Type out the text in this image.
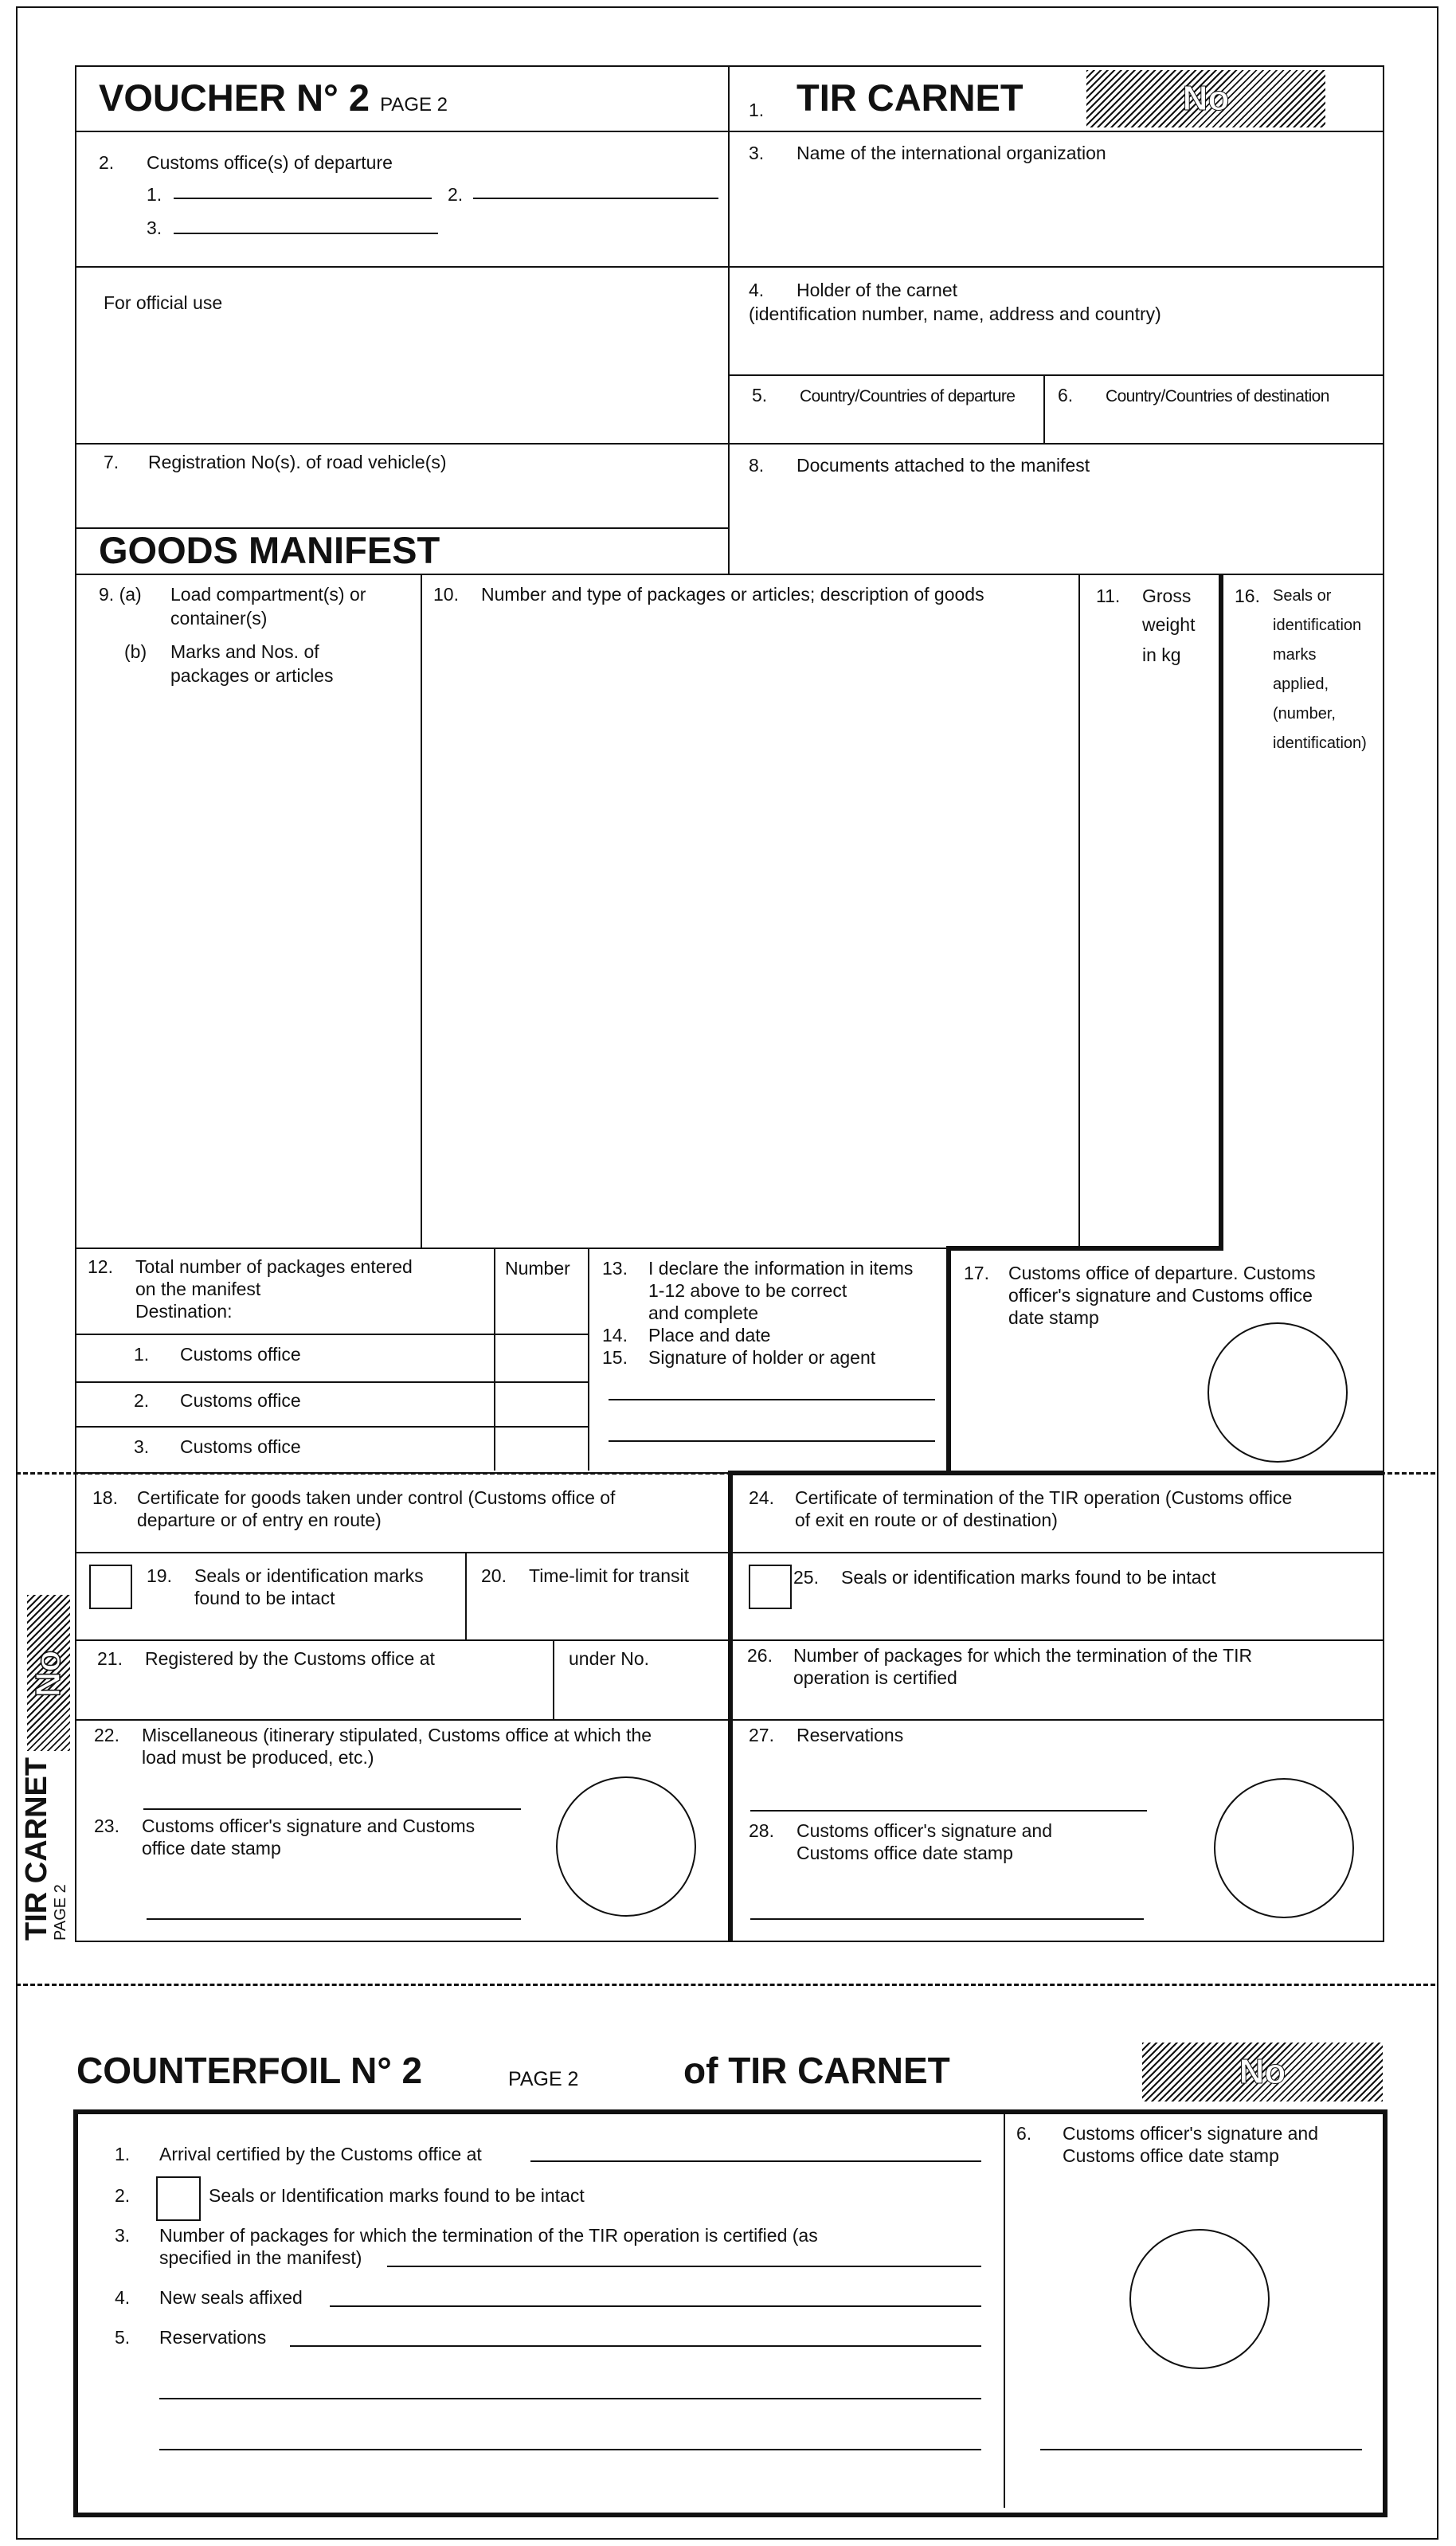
VOUCHER N° 2 PAGE 2	1. TIR CARNET	No
2. Customs office(s) of departure
1.	2.
3.
3. Name of the international organization
For official use
4. Holder of the carnet
(identification number, name, address and country)
5. Country/Countries of departure 6. Country/Countries of destination
7. Registration No(s). of road vehicle(s)	8. Documents attached to the manifest
GOODS MANIFEST
9. (a) Load compartment(s) or
container(s)
(b) Marks and Nos. of
packages or articles
10. Number and type of packages or articles; description of goods	11. Gross
weight
in kg
16. Seals or
identification
marks
applied,
(number,
identification)
12. Total number of packages entered
on the manifest
Destination:
Number
1. Customs office
2. Customs office
3. Customs office
13. I declare the information in items
1-12 above to be correct
and complete
14. Place and date
15. Signature of holder or agent
17. Customs office of departure. Customs
officer's signature and Customs office
date stamp
18. Certificate for goods taken under control (Customs office of
departure or of entry en route)
19. Seals or identification marks
found to be intact
20. Time-limit for transit
21. Registered by the Customs office at	under No.
22. Miscellaneous (itinerary stipulated, Customs office at which the
load must be produced, etc.)
23. Customs officer's signature and Customs
office date stamp
24. Certificate of termination of the TIR operation (Customs office
of exit en route or of destination)
25. Seals or identification marks found to be intact
26. Number of packages for which the termination of the TIR
operation is certified
27. Reservations
28. Customs officer's signature and
Customs office date stamp
No
TIR CARNET
PAGE 2
COUNTERFOIL N° 2	PAGE 2	of TIR CARNET	No
1. Arrival certified by the Customs office at
2.	Seals or Identification marks found to be intact
3. Number of packages for which the termination of the TIR operation is certified (as
specified in the manifest)
4. New seals affixed
5. Reservations
6. Customs officer's signature and
Customs office date stamp
